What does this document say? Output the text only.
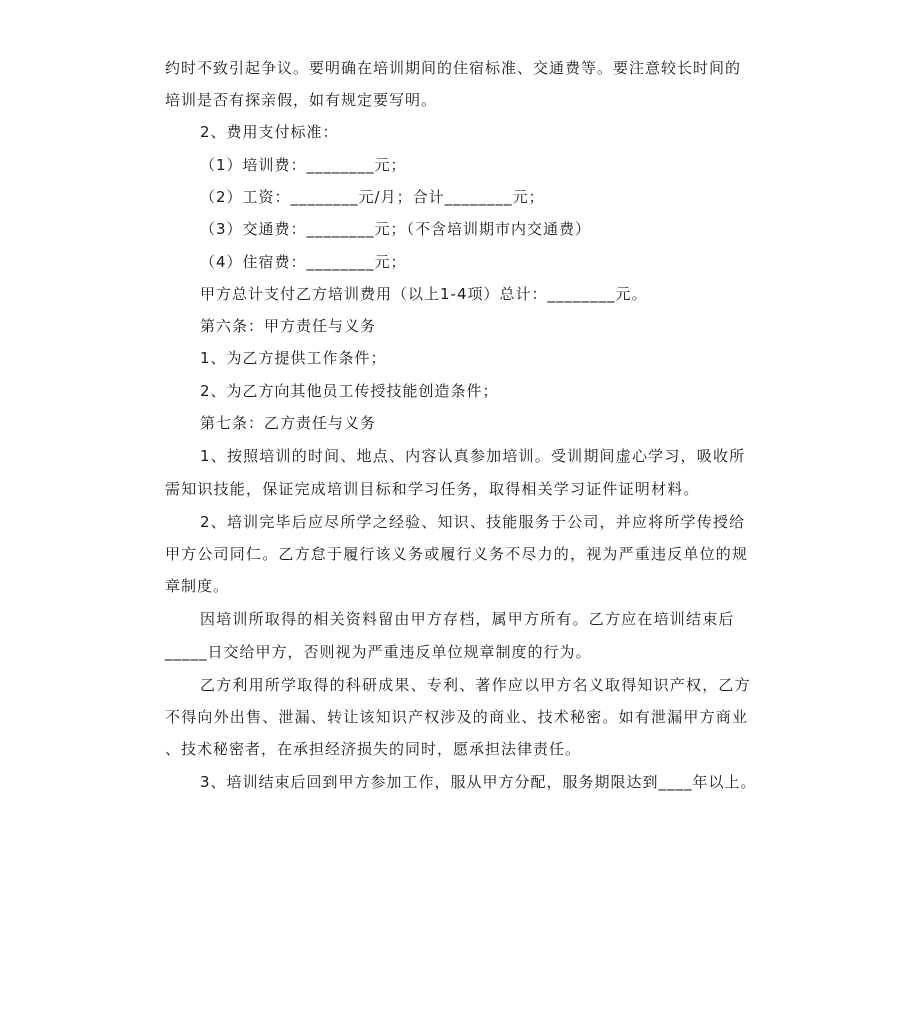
约时不致引起争议。要明确在培训期间的住宿标准、交通费等。要注意较长时间的
培训是否有探亲假，如有规定要写明。
2、费用支付标准：
（1）培训费：________元；
（2）工资：________元/月；合计________元；
（3）交通费：________元；（不含培训期市内交通费）
（4）住宿费：________元；
甲方总计支付乙方培训费用（以上1-4项）总计：________元。
第六条：甲方责任与义务
1、为乙方提供工作条件；
2、为乙方向其他员工传授技能创造条件；
第七条：乙方责任与义务
1、按照培训的时间、地点、内容认真参加培训。受训期间虚心学习，吸收所
需知识技能，保证完成培训目标和学习任务，取得相关学习证件证明材料。
2、培训完毕后应尽所学之经验、知识、技能服务于公司，并应将所学传授给
甲方公司同仁。乙方怠于履行该义务或履行义务不尽力的，视为严重违反单位的规
章制度。
因培训所取得的相关资料留由甲方存档，属甲方所有。乙方应在培训结束后
_____日交给甲方，否则视为严重违反单位规章制度的行为。
乙方利用所学取得的科研成果、专利、著作应以甲方名义取得知识产权，乙方
不得向外出售、泄漏、转让该知识产权涉及的商业、技术秘密。如有泄漏甲方商业
、技术秘密者，在承担经济损失的同时，愿承担法律责任。
3、培训结束后回到甲方参加工作，服从甲方分配，服务期限达到____年以上。
